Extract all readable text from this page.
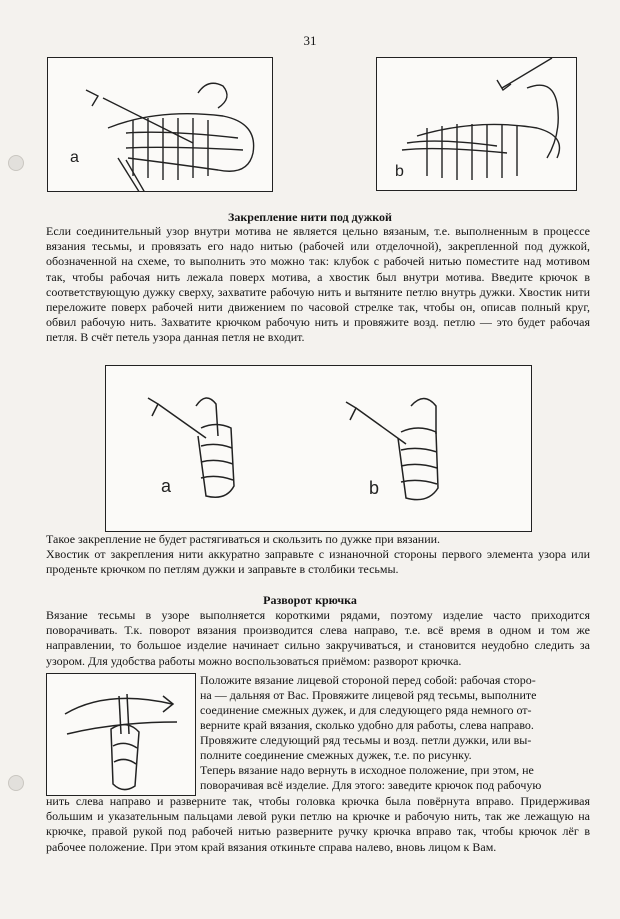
31
a
b
Закрепление нити под дужкой

Если соединительный узор внутри мотива не является цельно вязаным, т.е. выполненным в процессе вязания тесьмы, и провязать его надо нитью (рабочей или отделочной), закрепленной под дужкой, обозначенной на схеме, то выполнить это можно так: клубок с рабочей нитью поместите над мотивом так, чтобы рабочая нить лежала поверх мотива, а хвостик был внутри мотива. Введите крючок в соответствующую дужку сверху, захватите рабочую нить и вытяните петлю внутрь дужки. Хвостик нити переложите поверх рабочей нити движением по часовой стрелке так, чтобы он, описав полный круг, обвил рабочую нить. Захватите крючком рабочую нить и провяжите возд. петлю — это будет рабочая петля. В счёт петель узора данная петля не входит.

a	b

Такое закрепление не будет растягиваться и скользить по дужке при вязании.

Хвостик от закрепления нити аккуратно заправьте с изнаночной стороны первого элемента узора или проденьте крючком по петлям дужки и заправьте в столбики тесьмы.

Разворот крючка

Вязание тесьмы в узоре выполняется короткими рядами, поэтому изделие часто приходится поворачивать. Т.к. поворот вязания производится слева направо, т.е. всё время в одном и том же направлении, то большое изделие начинает сильно закручиваться, и становится неудобно следить за узором. Для удобства работы можно воспользоваться приёмом: разворот крючка.

Положите вязание лицевой стороной перед собой: рабочая сторо-

на — дальняя от Вас. Провяжите лицевой ряд тесьмы, выполните

соединение смежных дужек, и для следующего ряда немного от-

верните край вязания, сколько удобно для работы, слева направо.

Провяжите следующий ряд тесьмы и возд. петли дужки, или вы-

полните соединение смежных дужек, т.е. по рисунку.

Теперь вязание надо вернуть в исходное положение, при этом, не

поворачивая всё изделие. Для этого: заведите крючок под рабочую

нить слева направо и разверните так, чтобы головка крючка была повёрнута вправо. Придерживая большим и указательным пальцами левой руки петлю на крючке и рабочую нить, так же лежащую на крючке, правой рукой под рабочей нитью разверните ручку крючка вправо так, чтобы крючок лёг в рабочее положение. При этом край вязания откиньте справа налево, вновь лицом к Вам.
